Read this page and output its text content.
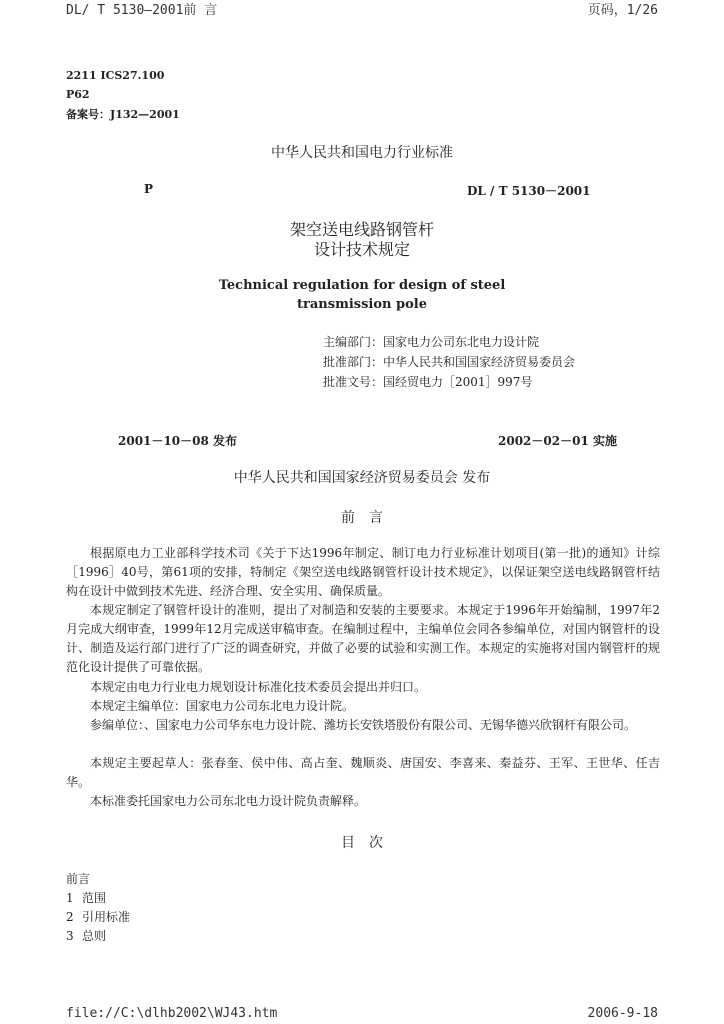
DL/ T 5130—2001前 言	页码，1/26
2211 ICS27.100
P62
备案号：J132—2001
中华人民共和国电力行业标准
P	DL / T 5130－2001
架空送电线路钢管杆
设计技术规定
Technical regulation for design of steel
transmission pole
主编部门：国家电力公司东北电力设计院
批准部门：中华人民共和国国家经济贸易委员会
批准文号：国经贸电力［2001］997号
2001－10－08 发布	2002－02－01 实施
中华人民共和国国家经济贸易委员会 发布
前　言

根据原电力工业部科学技术司《关于下达1996年制定、制订电力行业标准计划项目(第一批)的通知》计综［1996］40号，第61项的安排，特制定《架空送电线路钢管杆设计技术规定》，以保证架空送电线路钢管杆结构在设计中做到技术先进、经济合理、安全实用、确保质量。

本规定制定了钢管杆设计的准则，提出了对制造和安装的主要要求。本规定于1996年开始编制，1997年2月完成大纲审查，1999年12月完成送审稿审查。在编制过程中，主编单位会同各参编单位，对国内钢管杆的设计、制造及运行部门进行了广泛的调查研究，并做了必要的试验和实测工作。本规定的实施将对国内钢管杆的规范化设计提供了可靠依据。

本规定由电力行业电力规划设计标准化技术委员会提出并归口。

本规定主编单位：国家电力公司东北电力设计院。

参编单位：、国家电力公司华东电力设计院、潍坊长安铁塔股份有限公司、无锡华德兴欣钢杆有限公司。

本规定主要起草人：张春奎、侯中伟、高占奎、魏顺炎、唐国安、李喜来、秦益芬、王军、王世华、任吉华。

本标准委托国家电力公司东北电力设计院负责解释。

目　次
前言
1 范围
2 引用标准
3 总则
file://C:\dlhb2002\WJ43.htm	2006-9-18
